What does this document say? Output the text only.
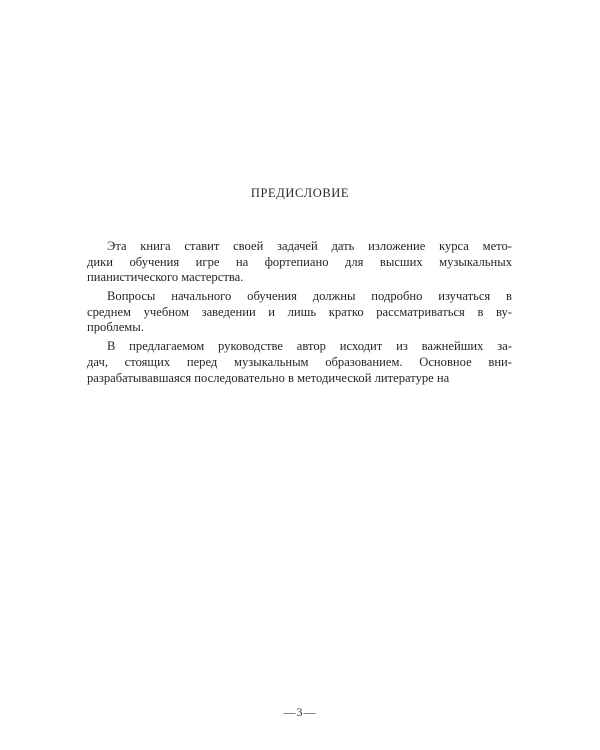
ПРЕДИСЛОВИЕ
Эта книга ставит своей задачей дать изложение курса мето-
дики обучения игре на фортепиано для высших музыкальных
пианистического мастерства.
Вопросы начального обучения должны подробно изучаться в
среднем учебном заведении и лишь кратко рассматриваться в ву-
проблемы.
В предлагаемом руководстве автор исходит из важнейших за-
дач, стоящих перед музыкальным образованием. Основное вни-
разрабатывавшаяся последовательно в методической литературе на
—3—
